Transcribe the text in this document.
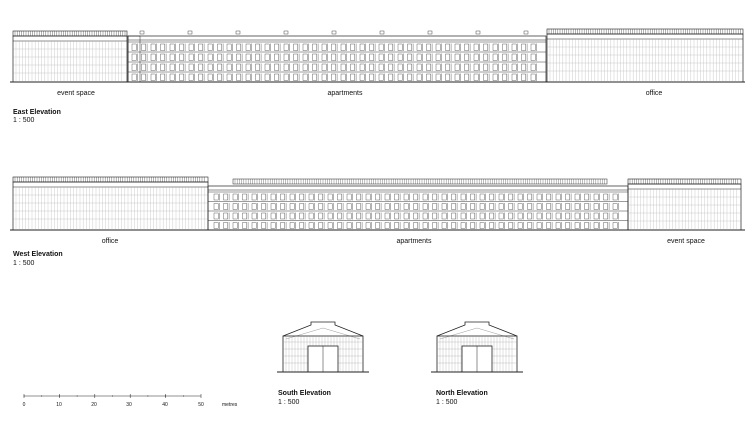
event space	apartments	office
East Elevation
1 : 500
office	apartments	event space
West Elevation
1 : 500
South Elevation
1 : 500
North Elevation
1 : 500
0	10	20	30	40	50	metres
